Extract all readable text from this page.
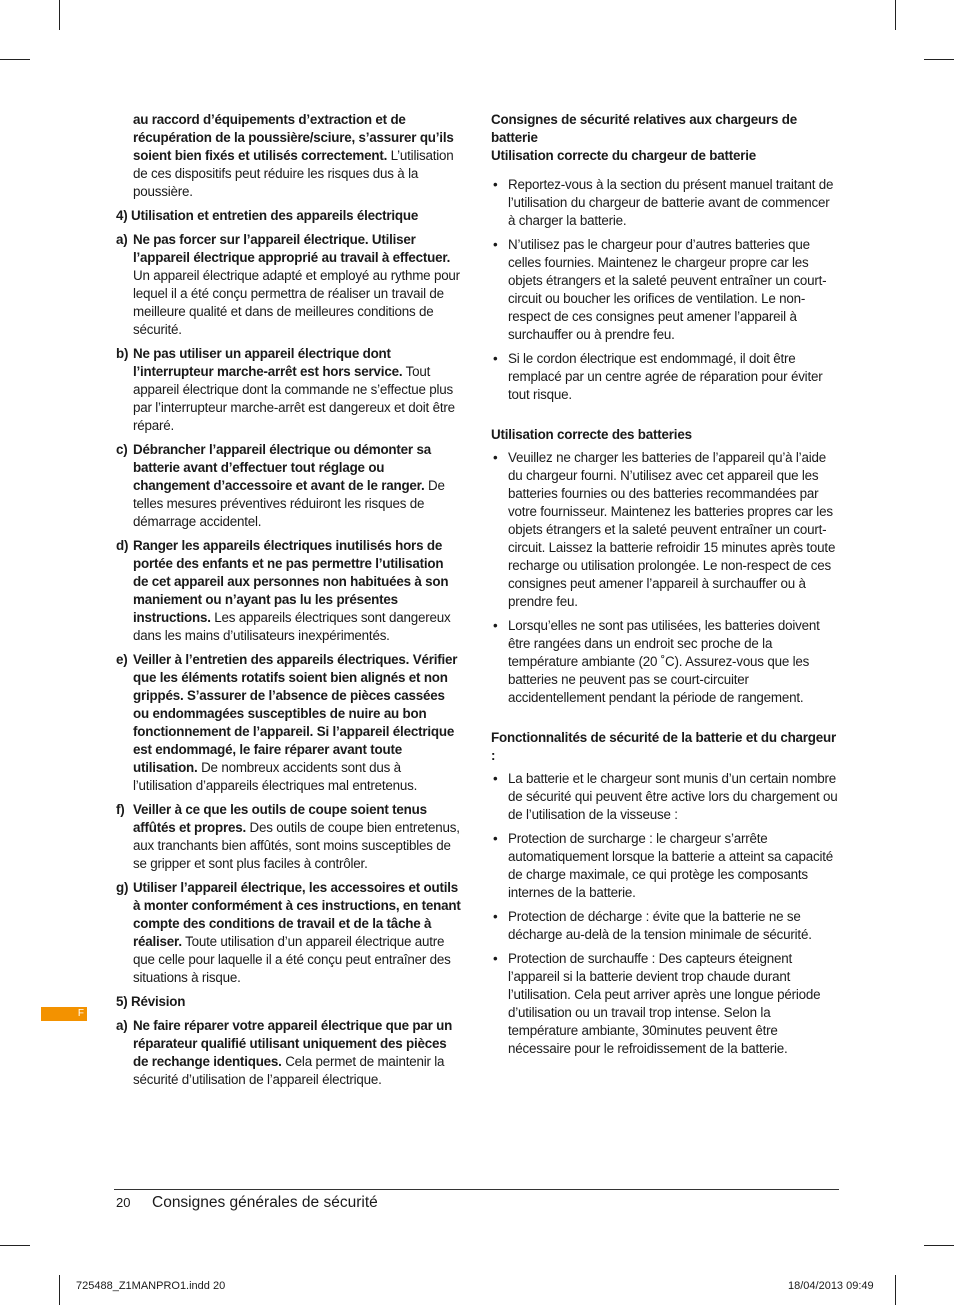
au raccord d’équipements d’extraction et de récupération de la poussière/sciure, s’assurer qu’ils soient bien fixés et utilisés correctement. L’utilisation de ces dispositifs peut réduire les risques dus à la poussière.
4) Utilisation et entretien des appareils électrique
a) Ne pas forcer sur l’appareil électrique. Utiliser l’appareil électrique approprié au travail à effectuer. Un appareil électrique adapté et employé au rythme pour lequel il a été conçu permettra de réaliser un travail de meilleure qualité et dans de meilleures conditions de sécurité.
b) Ne pas utiliser un appareil électrique dont l’interrupteur marche-arrêt est hors service. Tout appareil électrique dont la commande ne s’effectue plus par l’interrupteur marche-arrêt est dangereux et doit être réparé.
c) Débrancher l’appareil électrique ou démonter sa batterie avant d’effectuer tout réglage ou changement d’accessoire et avant de le ranger. De telles mesures préventives réduiront les risques de démarrage accidentel.
d) Ranger les appareils électriques inutilisés hors de portée des enfants et ne pas permettre l’utilisation de cet appareil aux personnes non habituées à son maniement ou n’ayant pas lu les présentes instructions. Les appareils électriques sont dangereux dans les mains d’utilisateurs inexpérimentés.
e) Veiller à l’entretien des appareils électriques. Vérifier que les éléments rotatifs soient bien alignés et non grippés. S’assurer de l’absence de pièces cassées ou endommagées susceptibles de nuire au bon fonctionnement de l’appareil. Si l’appareil électrique est endommagé, le faire réparer avant toute utilisation. De nombreux accidents sont dus à l’utilisation d’appareils électriques mal entretenus.
f) Veiller à ce que les outils de coupe soient tenus affûtés et propres. Des outils de coupe bien entretenus, aux tranchants bien affûtés, sont moins susceptibles de se gripper et sont plus faciles à contrôler.
g) Utiliser l’appareil électrique, les accessoires et outils à monter conformément à ces instructions, en tenant compte des conditions de travail et de la tâche à réaliser. Toute utilisation d’un appareil électrique autre que celle pour laquelle il a été conçu peut entraîner des situations à risque.
5) Révision
a) Ne faire réparer votre appareil électrique que par un réparateur qualifié utilisant uniquement des pièces de rechange identiques. Cela permet de maintenir la sécurité d’utilisation de l’appareil électrique.
Consignes de sécurité relatives aux chargeurs de batterie
Utilisation correcte du chargeur de batterie
• Reportez-vous à la section du présent manuel traitant de l’utilisation du chargeur de batterie avant de commencer à charger la batterie.
• N’utilisez pas le chargeur pour d’autres batteries que celles fournies. Maintenez le chargeur propre car les objets étrangers et la saleté peuvent entraîner un court-circuit ou boucher les orifices de ventilation. Le non-respect de ces consignes peut amener l’appareil à surchauffer ou à prendre feu.
• Si le cordon électrique est endommagé, il doit être remplacé par un centre agrée de réparation pour éviter tout risque.
Utilisation correcte des batteries
• Veuillez ne charger les batteries de l’appareil qu’à l’aide du chargeur fourni. N’utilisez avec cet appareil que les batteries fournies ou des batteries recommandées par votre fournisseur. Maintenez les batteries propres car les objets étrangers et la saleté peuvent entraîner un court-circuit. Laissez la batterie refroidir 15 minutes après toute recharge ou utilisation prolongée. Le non-respect de ces consignes peut amener l’appareil à surchauffer ou à prendre feu.
• Lorsqu’elles ne sont pas utilisées, les batteries doivent être rangées dans un endroit sec proche de la température ambiante (20 ˚C). Assurez-vous que les batteries ne peuvent pas se court-circuiter accidentellement pendant la période de rangement.
Fonctionnalités de sécurité de la batterie et du chargeur :
• La batterie et le chargeur sont munis d’un certain nombre de sécurité qui peuvent être active lors du chargement ou de l’utilisation de la visseuse :
• Protection de surcharge : le chargeur s’arrête automatiquement lorsque la batterie a atteint sa capacité de charge maximale, ce qui protège les composants internes de la batterie.
• Protection de décharge : évite que la batterie ne se décharge au-delà de la tension minimale de sécurité.
• Protection de surchauffe : Des capteurs éteignent l’appareil si la batterie devient trop chaude durant l’utilisation. Cela peut arriver après une longue période d’utilisation ou un travail trop intense. Selon la température ambiante, 30minutes peuvent être nécessaire pour le refroidissement de la batterie.
F
20 Consignes générales de sécurité
725488_Z1MANPRO1.indd 20	18/04/2013 09:49
